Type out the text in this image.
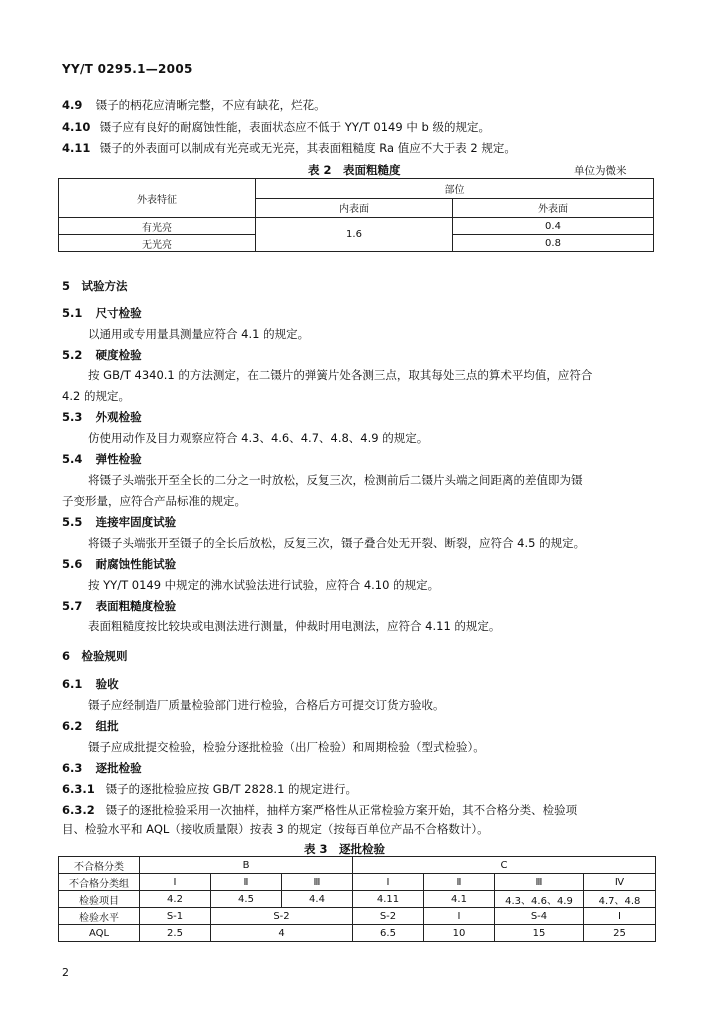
YY/T 0295.1—2005
4.9 镊子的柄花应清晰完整，不应有缺花，烂花。
4.10 镊子应有良好的耐腐蚀性能，表面状态应不低于 YY/T 0149 中 b 级的规定。
4.11 镊子的外表面可以制成有光亮或无光亮，其表面粗糙度 Ra 值应不大于表 2 规定。
表 2　表面粗糙度	单位为微米
外表特征	部位	
	内表面	外表面
有光亮	1.6	0.4
无光亮		0.8
5　试验方法
5.1 尺寸检验
以通用或专用量具测量应符合 4.1 的规定。
5.2 硬度检验
按 GB/T 4340.1 的方法测定，在二镊片的弹簧片处各测三点，取其每处三点的算术平均值，应符合
4.2 的规定。
5.3 外观检验
仿使用动作及目力观察应符合 4.3、4.6、4.7、4.8、4.9 的规定。
5.4 弹性检验
将镊子头端张开至全长的二分之一时放松，反复三次，检测前后二镊片头端之间距离的差值即为镊
子变形量，应符合产品标准的规定。
5.5 连接牢固度试验
将镊子头端张开至镊子的全长后放松，反复三次，镊子叠合处无开裂、断裂，应符合 4.5 的规定。
5.6 耐腐蚀性能试验
按 YY/T 0149 中规定的沸水试验法进行试验，应符合 4.10 的规定。
5.7 表面粗糙度检验
表面粗糙度按比较块或电测法进行测量，仲裁时用电测法，应符合 4.11 的规定。
6　检验规则
6.1 验收
镊子应经制造厂质量检验部门进行检验，合格后方可提交订货方验收。
6.2 组批
镊子应成批提交检验，检验分逐批检验（出厂检验）和周期检验（型式检验）。
6.3 逐批检验
6.3.1 镊子的逐批检验应按 GB/T 2828.1 的规定进行。
6.3.2 镊子的逐批检验采用一次抽样，抽样方案严格性从正常检验方案开始，其不合格分类、检验项
目、检验水平和 AQL（接收质量限）按表 3 的规定（按每百单位产品不合格数计）。
表 3　逐批检验
不合格分类	B			C			
不合格分类组	Ⅰ	Ⅱ	Ⅲ	Ⅰ	Ⅱ	Ⅲ	Ⅳ
检验项目	4.2	4.5	4.4	4.11	4.1	4.3、4.6、4.9	4.7、4.8
检验水平	S-1	S-2		S-2	Ⅰ	S-4	Ⅰ
AQL	2.5	4		6.5	10	15	25
2
